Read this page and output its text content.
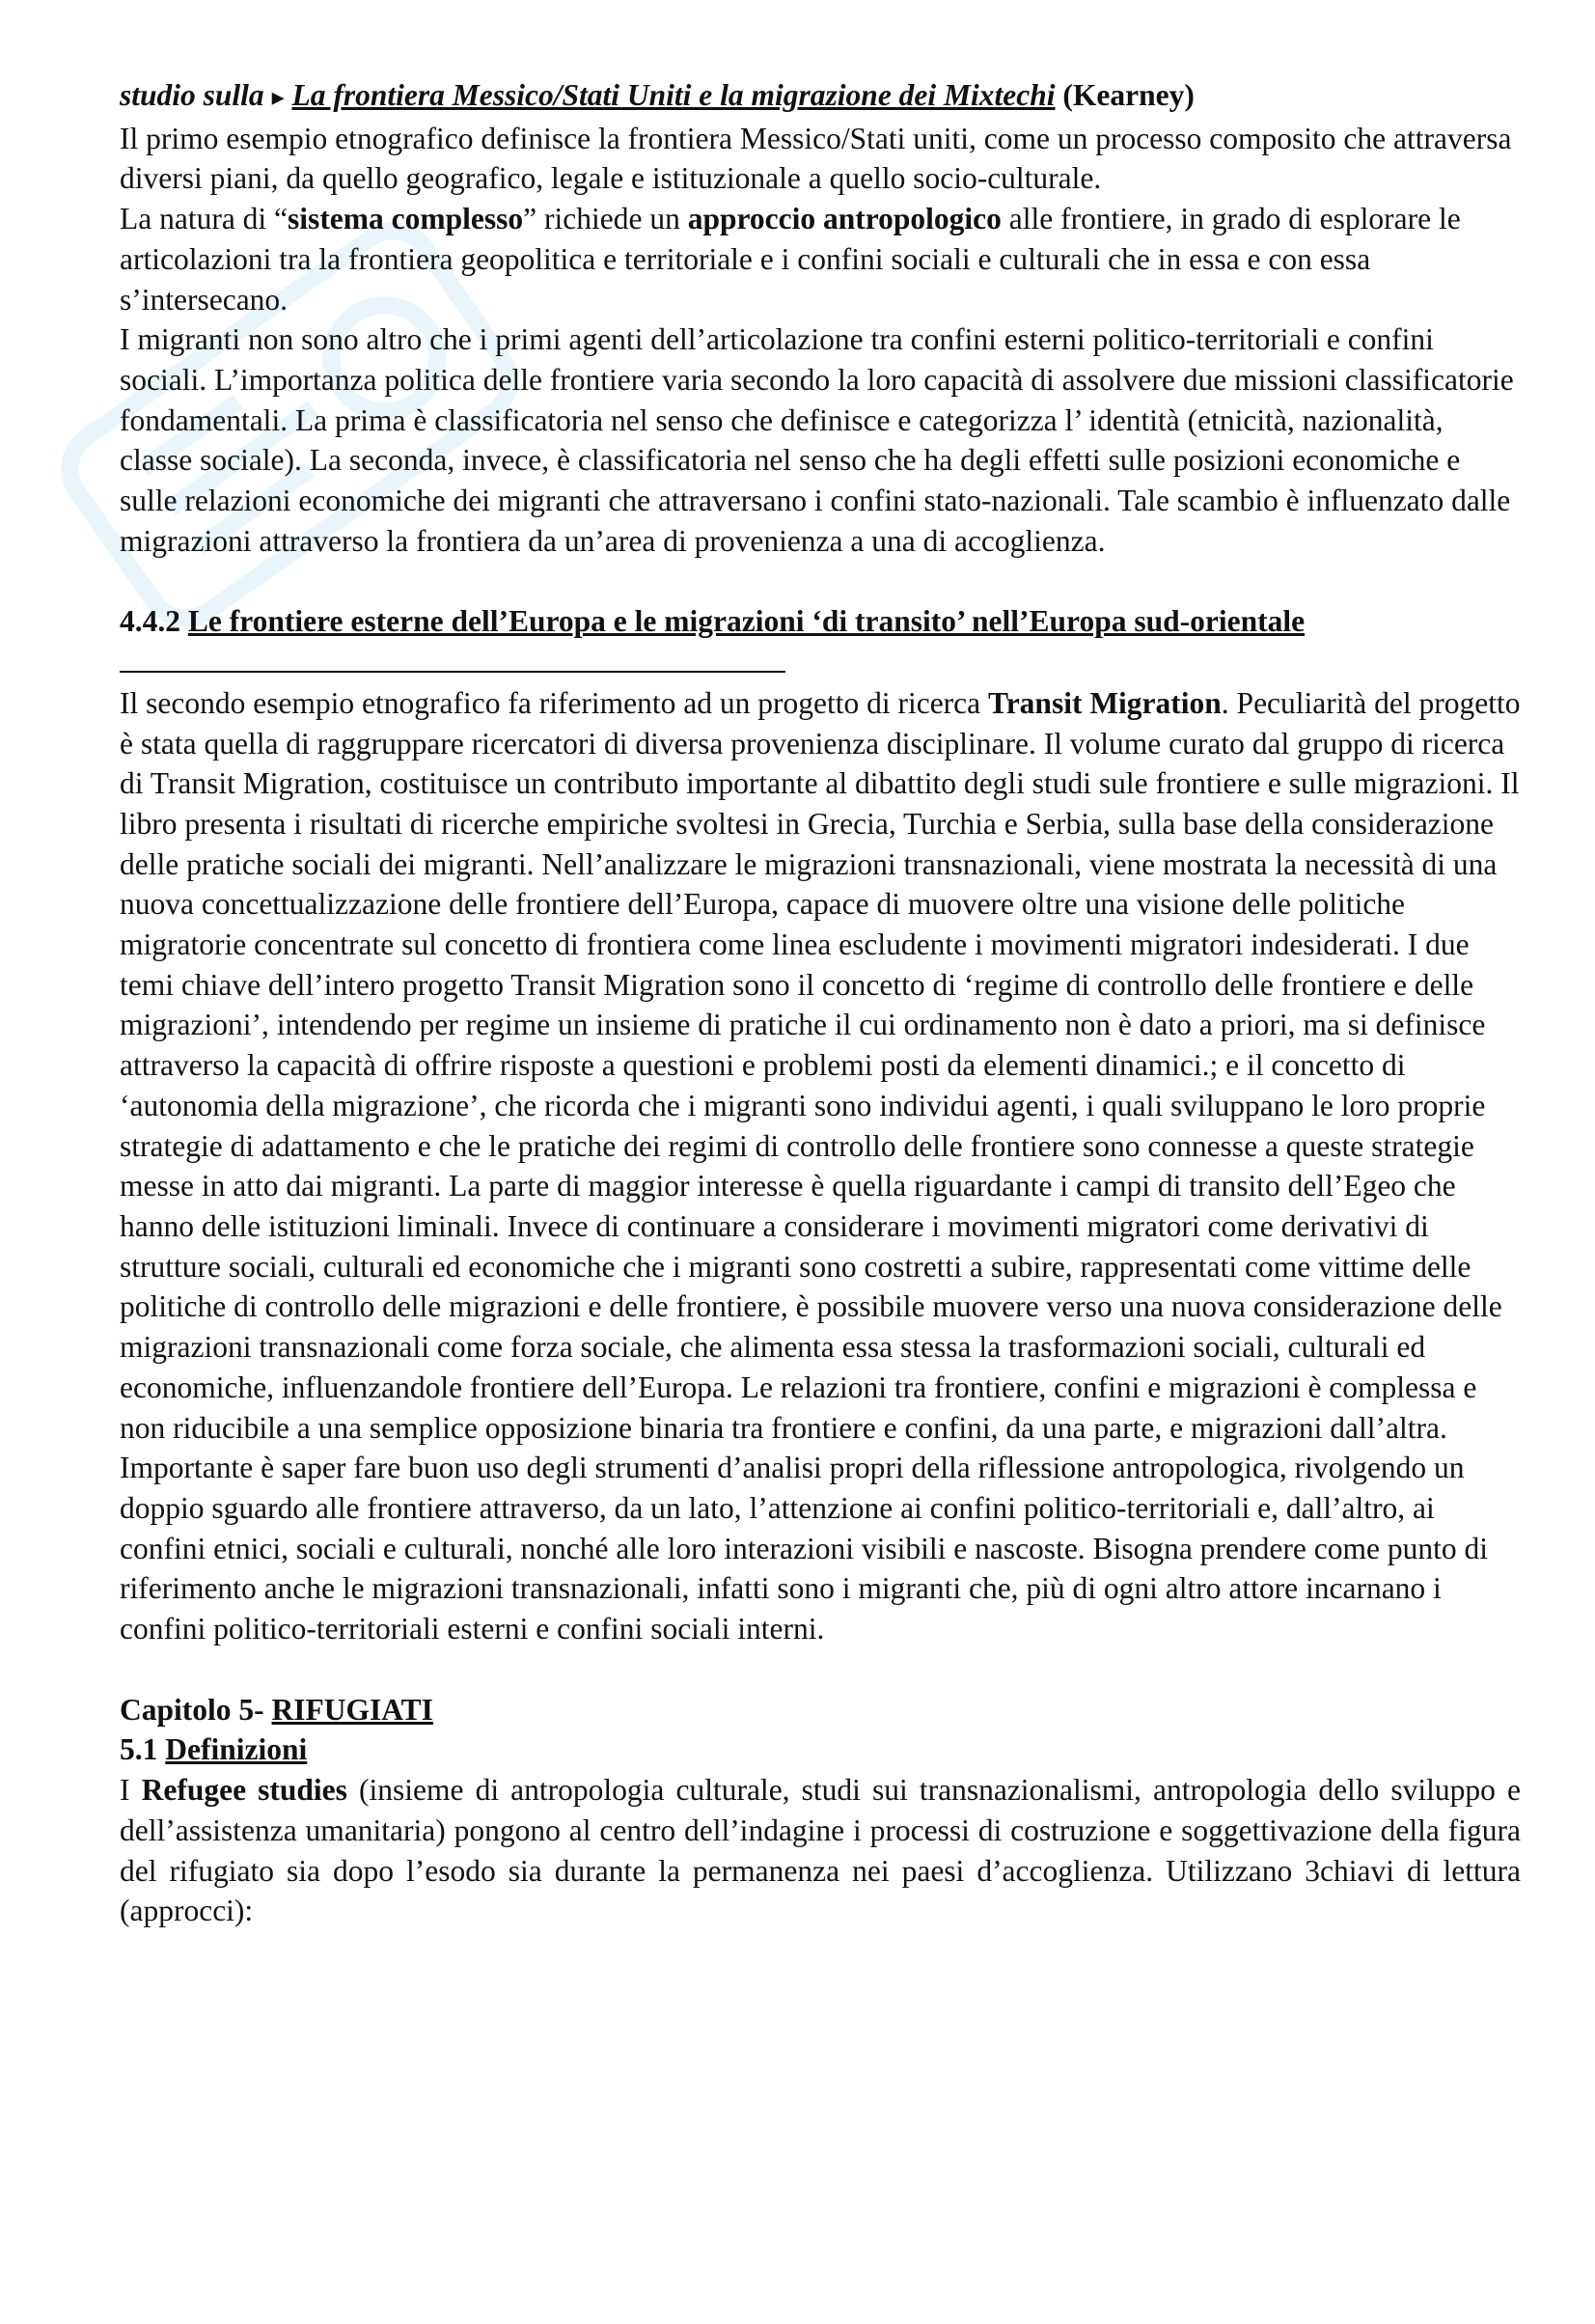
studio sulla ▸ La frontiera Messico/Stati Uniti e la migrazione dei Mixtechi (Kearney)

Il primo esempio etnografico definisce la frontiera Messico/Stati uniti, come un processo composito che attraversa diversi piani, da quello geografico, legale e istituzionale a quello socio-culturale.

La natura di “sistema complesso” richiede un approccio antropologico alle frontiere, in grado di esplorare le articolazioni tra la frontiera geopolitica e territoriale e i confini sociali e culturali che in essa e con essa s’intersecano.

I migranti non sono altro che i primi agenti dell’articolazione tra confini esterni politico-territoriali e confini sociali. L’importanza politica delle frontiere varia secondo la loro capacità di assolvere due missioni classificatorie fondamentali. La prima è classificatoria nel senso che definisce e categorizza l’ identità (etnicità, nazionalità, classe sociale). La seconda, invece, è classificatoria nel senso che ha degli effetti sulle posizioni economiche e sulle relazioni economiche dei migranti che attraversano i confini stato-nazionali. Tale scambio è influenzato dalle migrazioni attraverso la frontiera da un’area di provenienza a una di accoglienza.

4.4.2 Le frontiere esterne dell’Europa e le migrazioni ‘di transito’ nell’Europa sud-orientale

Il secondo esempio etnografico fa riferimento ad un progetto di ricerca Transit Migration. Peculiarità del progetto è stata quella di raggruppare ricercatori di diversa provenienza disciplinare. Il volume curato dal gruppo di ricerca di Transit Migration, costituisce un contributo importante al dibattito degli studi sule frontiere e sulle migrazioni. Il libro presenta i risultati di ricerche empiriche svoltesi in Grecia, Turchia e Serbia, sulla base della considerazione delle pratiche sociali dei migranti. Nell’analizzare le migrazioni transnazionali, viene mostrata la necessità di una nuova concettualizzazione delle frontiere dell’Europa, capace di muovere oltre una visione delle politiche migratorie concentrate sul concetto di frontiera come linea escludente i movimenti migratori indesiderati. I due temi chiave dell’intero progetto Transit Migration sono il concetto di ‘regime di controllo delle frontiere e delle migrazioni’, intendendo per regime un insieme di pratiche il cui ordinamento non è dato a priori, ma si definisce attraverso la capacità di offrire risposte a questioni e problemi posti da elementi dinamici.; e il concetto di ‘autonomia della migrazione’, che ricorda che i migranti sono individui agenti, i quali sviluppano le loro proprie strategie di adattamento e che le pratiche dei regimi di controllo delle frontiere sono connesse a queste strategie messe in atto dai migranti. La parte di maggior interesse è quella riguardante i campi di transito dell’Egeo che hanno delle istituzioni liminali. Invece di continuare a considerare i movimenti migratori come derivativi di strutture sociali, culturali ed economiche che i migranti sono costretti a subire, rappresentati come vittime delle politiche di controllo delle migrazioni e delle frontiere, è possibile muovere verso una nuova considerazione delle migrazioni transnazionali come forza sociale, che alimenta essa stessa la trasformazioni sociali, culturali ed economiche, influenzandole frontiere dell’Europa. Le relazioni tra frontiere, confini e migrazioni è complessa e non riducibile a una semplice opposizione binaria tra frontiere e confini, da una parte, e migrazioni dall’altra. Importante è saper fare buon uso degli strumenti d’analisi propri della riflessione antropologica, rivolgendo un doppio sguardo alle frontiere attraverso, da un lato, l’attenzione ai confini politico-territoriali e, dall’altro, ai confini etnici, sociali e culturali, nonché alle loro interazioni visibili e nascoste. Bisogna prendere come punto di riferimento anche le migrazioni transnazionali, infatti sono i migranti che, più di ogni altro attore incarnano i confini politico-territoriali esterni e confini sociali interni.

Capitolo 5- RIFUGIATI

5.1 Definizioni

I Refugee studies (insieme di antropologia culturale, studi sui transnazionalismi, antropologia dello sviluppo e dell’assistenza umanitaria) pongono al centro dell’indagine i processi di costruzione e soggettivazione della figura del rifugiato sia dopo l’esodo sia durante la permanenza nei paesi d’accoglienza. Utilizzano 3chiavi di lettura (approcci):
